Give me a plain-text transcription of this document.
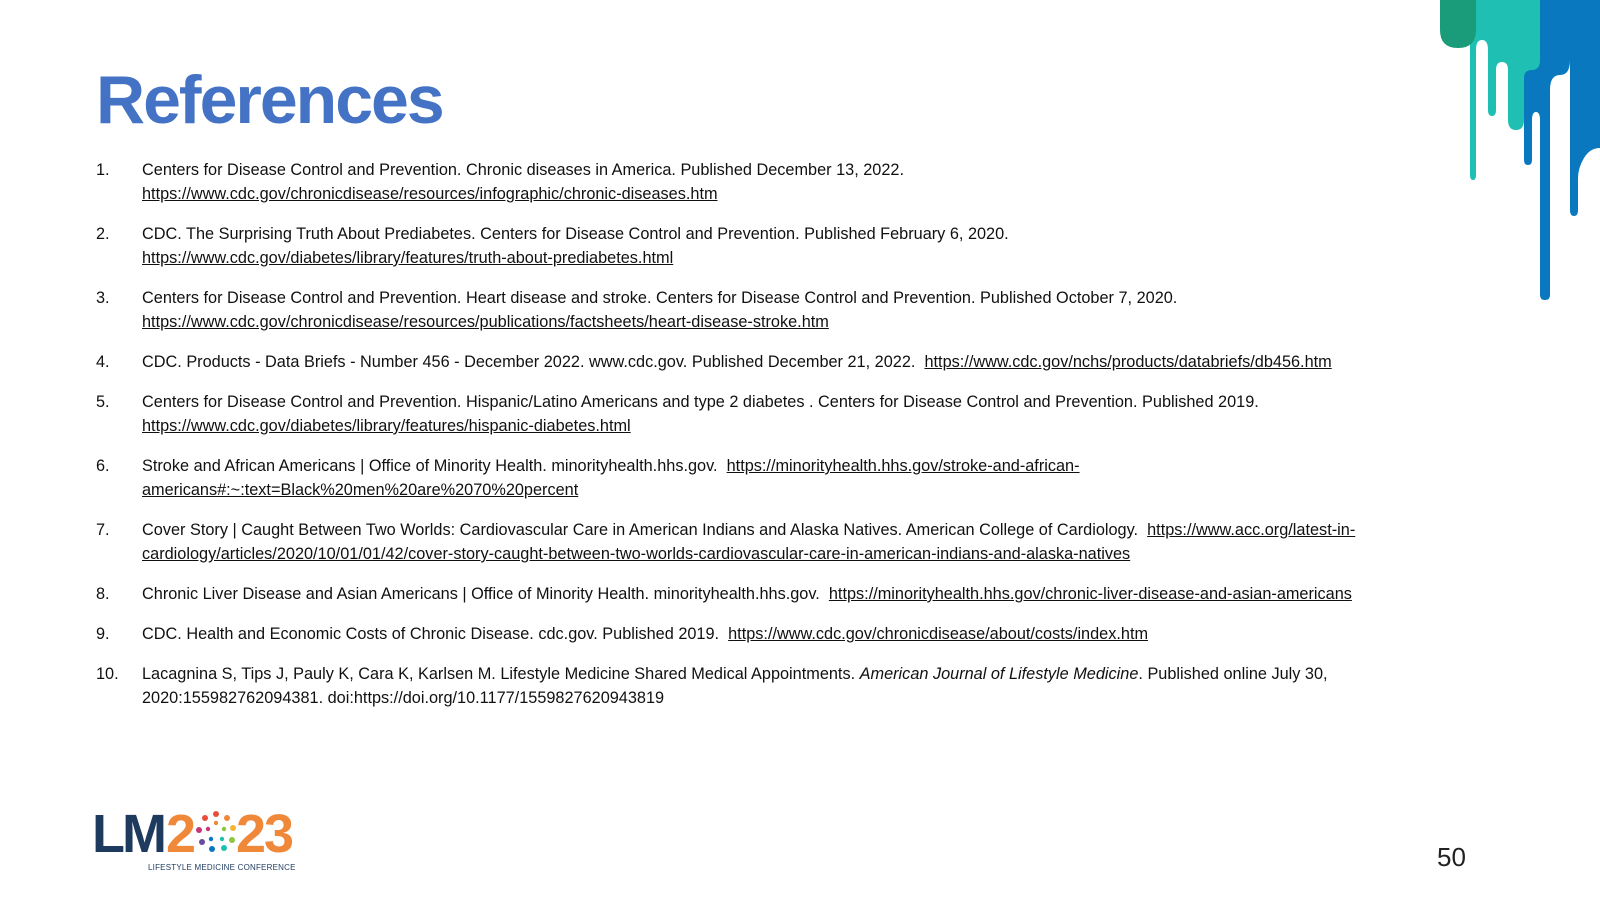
References
1. Centers for Disease Control and Prevention. Chronic diseases in America. Published December 13, 2022.
https://www.cdc.gov/chronicdisease/resources/infographic/chronic-diseases.htm
2. CDC. The Surprising Truth About Prediabetes. Centers for Disease Control and Prevention. Published February 6, 2020.
https://www.cdc.gov/diabetes/library/features/truth-about-prediabetes.html
3. Centers for Disease Control and Prevention. Heart disease and stroke. Centers for Disease Control and Prevention. Published October 7, 2020.
https://www.cdc.gov/chronicdisease/resources/publications/factsheets/heart-disease-stroke.htm
4. CDC. Products - Data Briefs - Number 456 - December 2022. www.cdc.gov. Published December 21, 2022. https://www.cdc.gov/nchs/products/databriefs/db456.htm
5. Centers for Disease Control and Prevention. Hispanic/Latino Americans and type 2 diabetes . Centers for Disease Control and Prevention. Published 2019.
https://www.cdc.gov/diabetes/library/features/hispanic-diabetes.html
6. Stroke and African Americans | Office of Minority Health. minorityhealth.hhs.gov. https://minorityhealth.hhs.gov/stroke-and-african-americans#:~:text=Black%20men%20are%2070%20percent
7. Cover Story | Caught Between Two Worlds: Cardiovascular Care in American Indians and Alaska Natives. American College of Cardiology. https://www.acc.org/latest-in-cardiology/articles/2020/10/01/01/42/cover-story-caught-between-two-worlds-cardiovascular-care-in-american-indians-and-alaska-natives
8. Chronic Liver Disease and Asian Americans | Office of Minority Health. minorityhealth.hhs.gov. https://minorityhealth.hhs.gov/chronic-liver-disease-and-asian-americans
9. CDC. Health and Economic Costs of Chronic Disease. cdc.gov. Published 2019. https://www.cdc.gov/chronicdisease/about/costs/index.htm
10. Lacagnina S, Tips J, Pauly K, Cara K, Karlsen M. Lifestyle Medicine Shared Medical Appointments. American Journal of Lifestyle Medicine. Published online July 30, 2020:155982762094381. doi:https://doi.org/10.1177/1559827620943819
LM 2 23
LIFESTYLE MEDICINE CONFERENCE	50
